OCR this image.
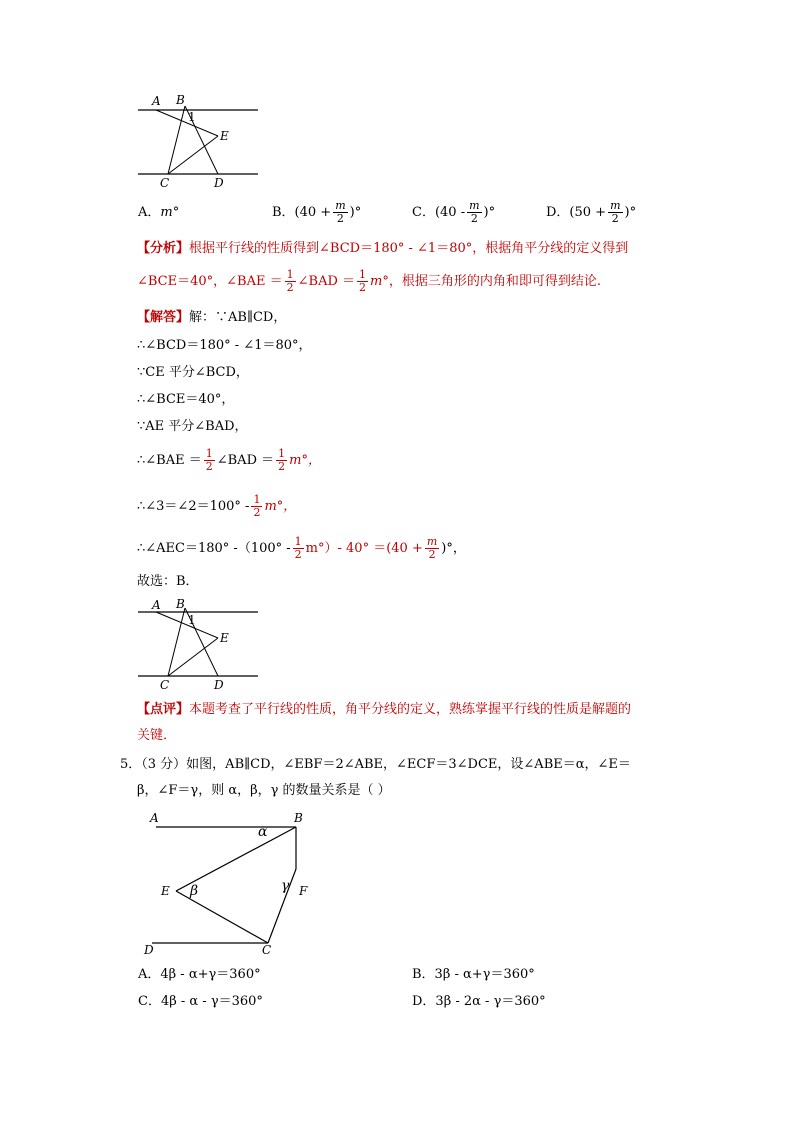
A B
1
E
C	D
A．m°	B．($40 + \frac{m}{2}$ )°	C．($40 - \frac{m}{2}$ )°	D．($50 + \frac{m}{2}$ )°
【分析】根据平行线的性质得到∠BCD＝180° - ∠1＝80°，根据角平分线的定义得到
∠BCE＝40°，∠BAE ＝ $\frac{1}{2}$ ∠BAD ＝ $\frac{1}{2} m^\circ$，根据三角形的内角和即可得到结论.
【解答】解：∵AB∥CD，
∴∠BCD＝180° - ∠1＝80°，
∵CE 平分∠BCD，
∴∠BCE＝40°，
∵AE 平分∠BAD，
∴∠BAE ＝ $\frac{1}{2}$ ∠BAD ＝ $\frac{1}{2} m^\circ$，
∴∠3＝∠2＝100° - $\frac{1}{2} m^\circ$，
∴∠AEC＝180° $-(100^\circ - \frac{1}{2} m^\circ)-$ $40^\circ =(40 + \frac{m}{2}$ )°，
故选：B．
A B
1
E
C	D
【点评】本题考查了平行线的性质，角平分线的定义，熟练掌握平行线的性质是解题的
关键．
5．（3 分）如图，AB∥CD，∠EBF＝2∠ABE，∠ECF＝3∠DCE，设∠ABE＝α，∠E＝
β，∠F＝γ，则 α，β，γ 的数量关系是（ ）
A	B
α
E β	γ F
D	C
A．4β - α+γ＝360°	B．3β - α+γ＝360°
C．4β - α - γ＝360°	D．3β - 2α - γ＝360°
